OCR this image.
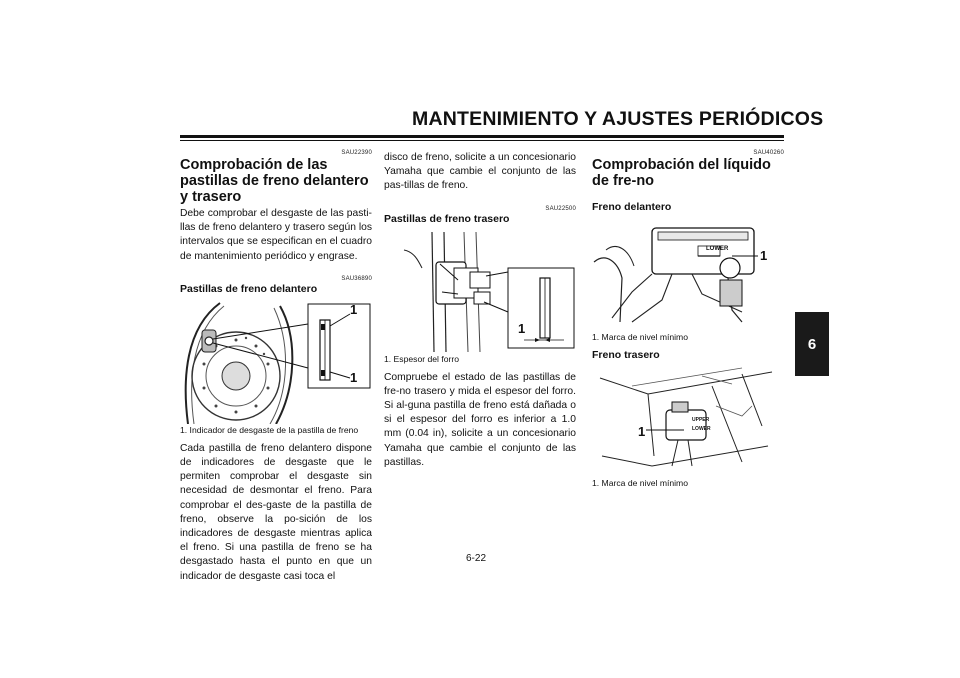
MANTENIMIENTO Y AJUSTES PERIÓDICOS
6
SAU22390
Comprobación de las pastillas de freno delantero y trasero
Debe comprobar el desgaste de las pasti-llas de freno delantero y trasero según los intervalos que se especifican en el cuadro de mantenimiento periódico y engrase.
SAU36890
Pastillas de freno delantero
1
1
1. Indicador de desgaste de la pastilla de freno
Cada pastilla de freno delantero dispone de indicadores de desgaste que le permiten comprobar el desgaste sin necesidad de desmontar el freno. Para comprobar el des-gaste de la pastilla de freno, observe la po-sición de los indicadores de desgaste mientras aplica el freno. Si una pastilla de freno se ha desgastado hasta el punto en que un indicador de desgaste casi toca el
disco de freno, solicite a un concesionario Yamaha que cambie el conjunto de las pas-tillas de freno.
SAU22500
Pastillas de freno trasero
1
1. Espesor del forro
Compruebe el estado de las pastillas de fre-no trasero y mida el espesor del forro. Si al-guna pastilla de freno está dañada o si el espesor del forro es inferior a 1.0 mm (0.04 in), solicite a un concesionario Yamaha que cambie el conjunto de las pastillas.
SAU40260
Comprobación del líquido de fre-no
Freno delantero
LOWER 1
1. Marca de nivel mínimo
Freno trasero
UPPER
LOWER
1
1. Marca de nivel mínimo
6-22
